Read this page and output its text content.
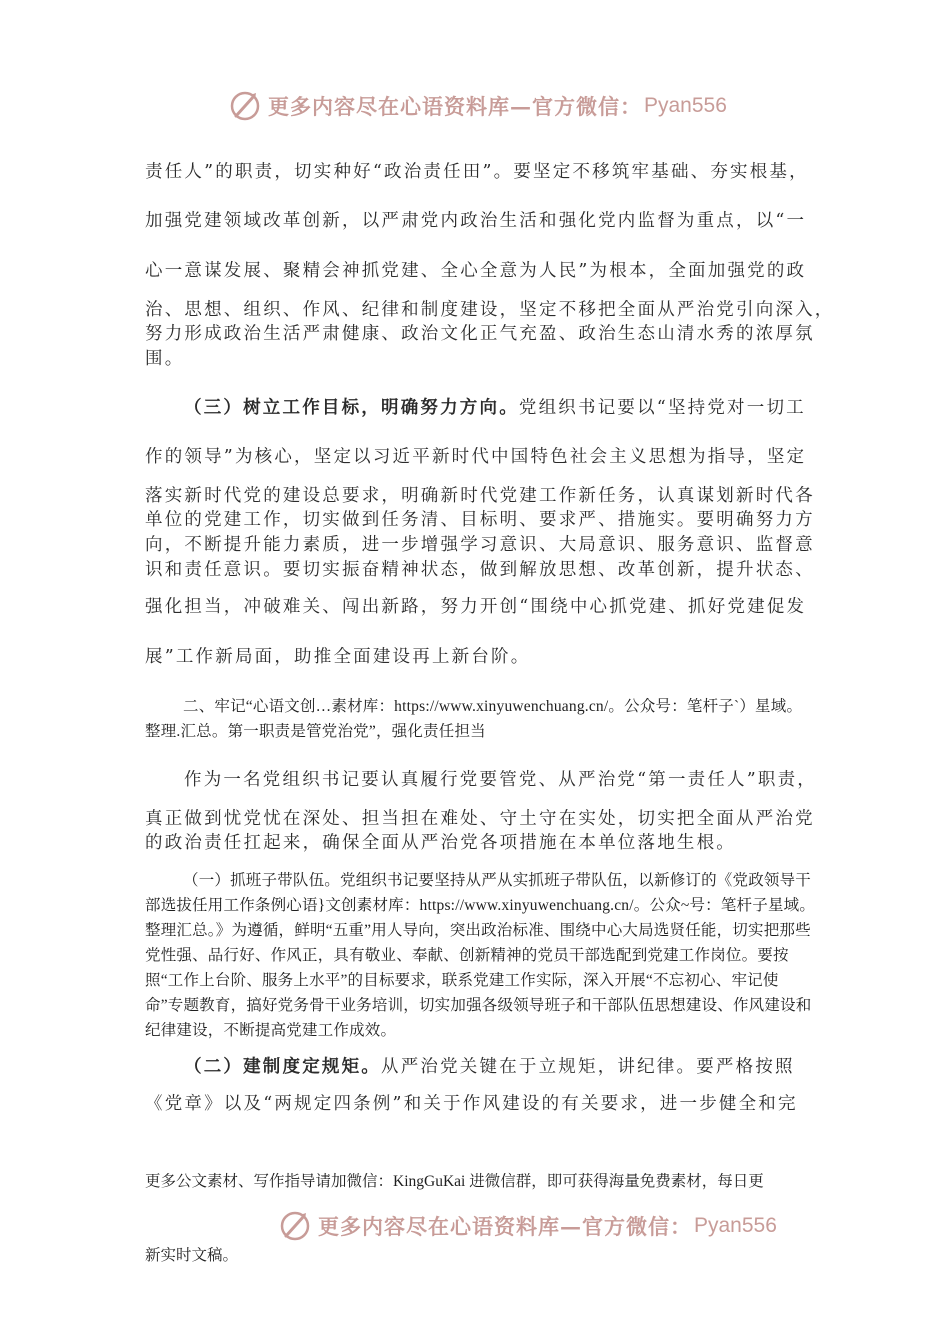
更多内容尽在心语资料库—官方微信： Pyan556
责任人”的职责，切实种好“政治责任田”。要坚定不移筑牢基础、夯实根基，
加强党建领域改革创新，以严肃党内政治生活和强化党内监督为重点，以“一
心一意谋发展、聚精会神抓党建、全心全意为人民”为根本，全面加强党的政
治、思想、组织、作风、纪律和制度建设，坚定不移把全面从严治党引向深入，
努力形成政治生活严肃健康、政治文化正气充盈、政治生态山清水秀的浓厚氛
围。
（三）树立工作目标，明确努力方向。党组织书记要以“坚持党对一切工
作的领导”为核心，坚定以习近平新时代中国特色社会主义思想为指导，坚定
落实新时代党的建设总要求，明确新时代党建工作新任务，认真谋划新时代各
单位的党建工作，切实做到任务清、目标明、要求严、措施实。要明确努力方
向，不断提升能力素质，进一步增强学习意识、大局意识、服务意识、监督意
识和责任意识。要切实振奋精神状态，做到解放思想、改革创新，提升状态、
强化担当，冲破难关、闯出新路，努力开创“围绕中心抓党建、抓好党建促发
展”工作新局面，助推全面建设再上新台阶。
二、牢记“心语文创…素材库：https://www.xinyuwenchuang.cn/。公众号：笔杆子`）星域。整理.汇总。第一职责是管党治党”，强化责任担当
作为一名党组织书记要认真履行党要管党、从严治党“第一责任人”职责，
真正做到忧党忧在深处、担当担在难处、守土守在实处，切实把全面从严治党
的政治责任扛起来，确保全面从严治党各项措施在本单位落地生根。
（一）抓班子带队伍。党组织书记要坚持从严从实抓班子带队伍，以新修订的《党政领导干部选拔任用工作条例心语}文创素材库：https://www.xinyuwenchuang.cn/。公众~号：笔杆子星域。整理汇总。》为遵循，鲜明“五重”用人导向，突出政治标准、围绕中心大局选贤任能，切实把那些党性强、品行好、作风正，具有敬业、奉献、创新精神的党员干部选配到党建工作岗位。要按照“工作上台阶、服务上水平”的目标要求，联系党建工作实际，深入开展“不忘初心、牢记使命”专题教育，搞好党务骨干业务培训，切实加强各级领导班子和干部队伍思想建设、作风建设和纪律建设，不断提高党建工作成效。
（二）建制度定规矩。从严治党关键在于立规矩，讲纪律。要严格按照
《党章》以及“两规定四条例”和关于作风建设的有关要求，进一步健全和完
更多公文素材、写作指导请加微信：KingGuKai 进微信群，即可获得海量免费素材，每日更
更多内容尽在心语资料库—官方微信： Pyan556
新实时文稿。
